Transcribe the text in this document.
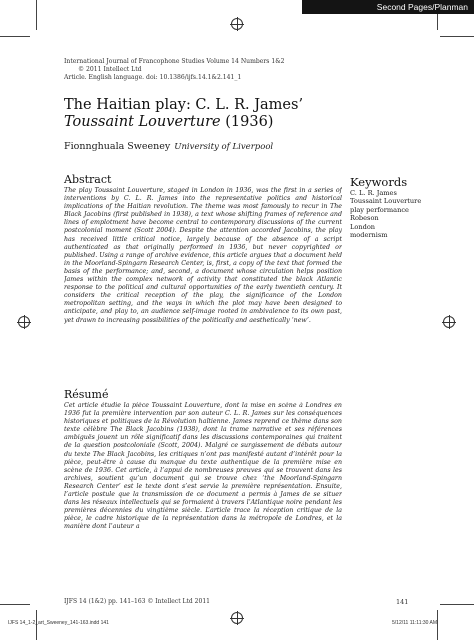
Second Pages/Planman
International Journal of Francophone Studies Volume 14 Numbers 1&2
© 2011 Intellect Ltd
Article. English language. doi: 10.1386/ijfs.14.1&2.141_1
The Haitian play: C. L. R. James’
Toussaint Louverture (1936)
Fionnghuala Sweeney University of Liverpool
Abstract
The play Toussaint Louverture, staged in London in 1936, was the first in a series of interventions by C. L. R. James into the representative politics and historical implications of the Haitian revolution. The theme was most famously to recur in The Black Jacobins (first published in 1938), a text whose shifting frames of reference and lines of emplotment have become central to contemporary discussions of the current postcolonial moment (Scott 2004). Despite the attention accorded Jacobins, the play has received little critical notice, largely because of the absence of a script authenticated as that originally performed in 1936, but never copyrighted or published. Using a range of archive evidence, this article argues that a document held in the Moorland-Spingarn Research Center, is, first, a copy of the text that formed the basis of the performance; and, second, a document whose circulation helps position James within the complex network of activity that constituted the black Atlantic response to the political and cultural opportunities of the early twentieth century. It considers the critical reception of the play, the significance of the London metropolitan setting, and the ways in which the plot may have been designed to anticipate, and play to, an audience self-image rooted in ambivalence to its own past, yet drawn to increasing possibilities of the politically and aesthetically ‘new’.
Keywords
C. L. R. James
Toussaint Louverture
play performance
Robeson
London
modernism
Résumé
Cet article étudie la pièce Toussaint Louverture, dont la mise en scène à Londres en 1936 fut la première intervention par son auteur C. L. R. James sur les conséquences historiques et politiques de la Révolution haïtienne. James reprend ce thème dans son texte célèbre The Black Jacobins (1938), dont la trame narrative et ses références ambiguës jouent un rôle significatif dans les discussions contemporaines qui traitent de la question postcoloniale (Scott, 2004). Malgré ce surgissement de débats autour du texte The Black Jacobins, les critiques n’ont pas manifesté autant d’intérêt pour la pièce, peut-être à cause du manque du texte authentique de la première mise en scène de 1936. Cet article, à l’appui de nombreuses preuves qui se trouvent dans les archives, soutient qu’un document qui se trouve chez ‘the Moorland-Spingarn Research Center’ est le texte dont s’est servie la première représentation. Ensuite, l’article postule que la transmission de ce document a permis à James de se situer dans les réseaux intellectuels qui se formaient à travers l’Atlantique noire pendant les premières décennies du vingtième siècle. L’article trace la réception critique de la pièce, le cadre historique de la représentation dans la métropole de Londres, et la manière dont l’auteur a
IJFS 14 (1&2) pp. 141–163 © Intellect Ltd 2011	141
IJFS 14_1-2_art_Sweeney_141-163.indd 141	5/12/11 11:11:30 AM
